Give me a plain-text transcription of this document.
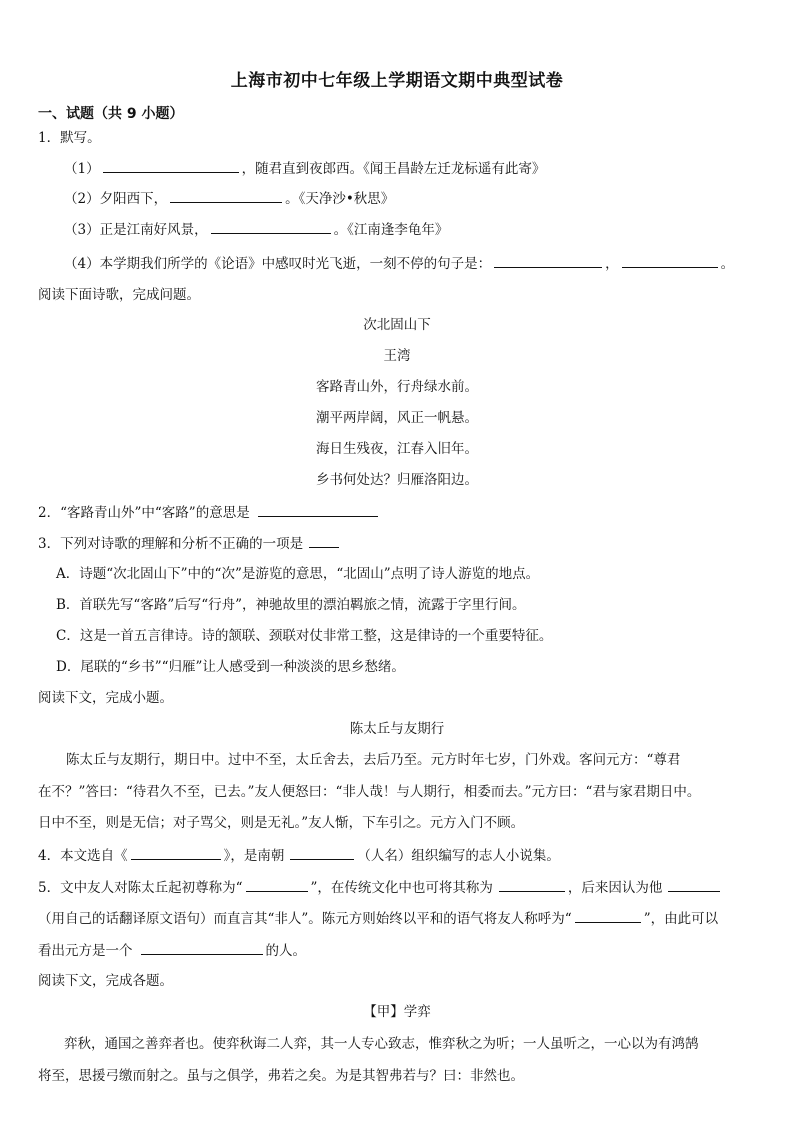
上海市初中七年级上学期语文期中典型试卷
一、试题（共 9 小题）
1．默写。
（1）	，随君直到夜郎西。《闻王昌龄左迁龙标遥有此寄》
（2）夕阳西下，	。《天净沙•秋思》
（3）正是江南好风景，	。《江南逢李龟年》
（4）本学期我们所学的《论语》中感叹时光飞逝，一刻不停的句子是：	，	。
阅读下面诗歌，完成问题。
次北固山下
王湾
客路青山外，行舟绿水前。
潮平两岸阔，风正一帆悬。
海日生残夜，江春入旧年。
乡书何处达？归雁洛阳边。
2．“客路青山外”中“客路”的意思是
3．下列对诗歌的理解和分析不正确的一项是
A．诗题“次北固山下”中的“次”是游览的意思，“北固山”点明了诗人游览的地点。
B．首联先写“客路”后写“行舟”，神驰故里的漂泊羁旅之情，流露于字里行间。
C．这是一首五言律诗。诗的颔联、颈联对仗非常工整，这是律诗的一个重要特征。
D．尾联的“乡书”“归雁”让人感受到一种淡淡的思乡愁绪。
阅读下文，完成小题。
陈太丘与友期行
陈太丘与友期行，期日中。过中不至，太丘舍去，去后乃至。元方时年七岁，门外戏。客问元方：“尊君
在不？”答曰：“待君久不至，已去。”友人便怒曰：“非人哉！与人期行，相委而去。”元方曰：“君与家君期日中。
日中不至，则是无信；对子骂父，则是无礼。”友人惭，下车引之。元方入门不顾。
4．本文选自《	》，是南朝	（人名）组织编写的志人小说集。
5．文中友人对陈太丘起初尊称为“	”，在传统文化中也可将其称为	，后来因认为他
（用自己的话翻译原文语句）而直言其“非人”。陈元方则始终以平和的语气将友人称呼为“	”，由此可以
看出元方是一个	的人。
阅读下文，完成各题。
【甲】学弈
弈秋，通国之善弈者也。使弈秋诲二人弈，其一人专心致志，惟弈秋之为听；一人虽听之，一心以为有鸿鹄
将至，思援弓缴而射之。虽与之俱学，弗若之矣。为是其智弗若与？曰：非然也。
